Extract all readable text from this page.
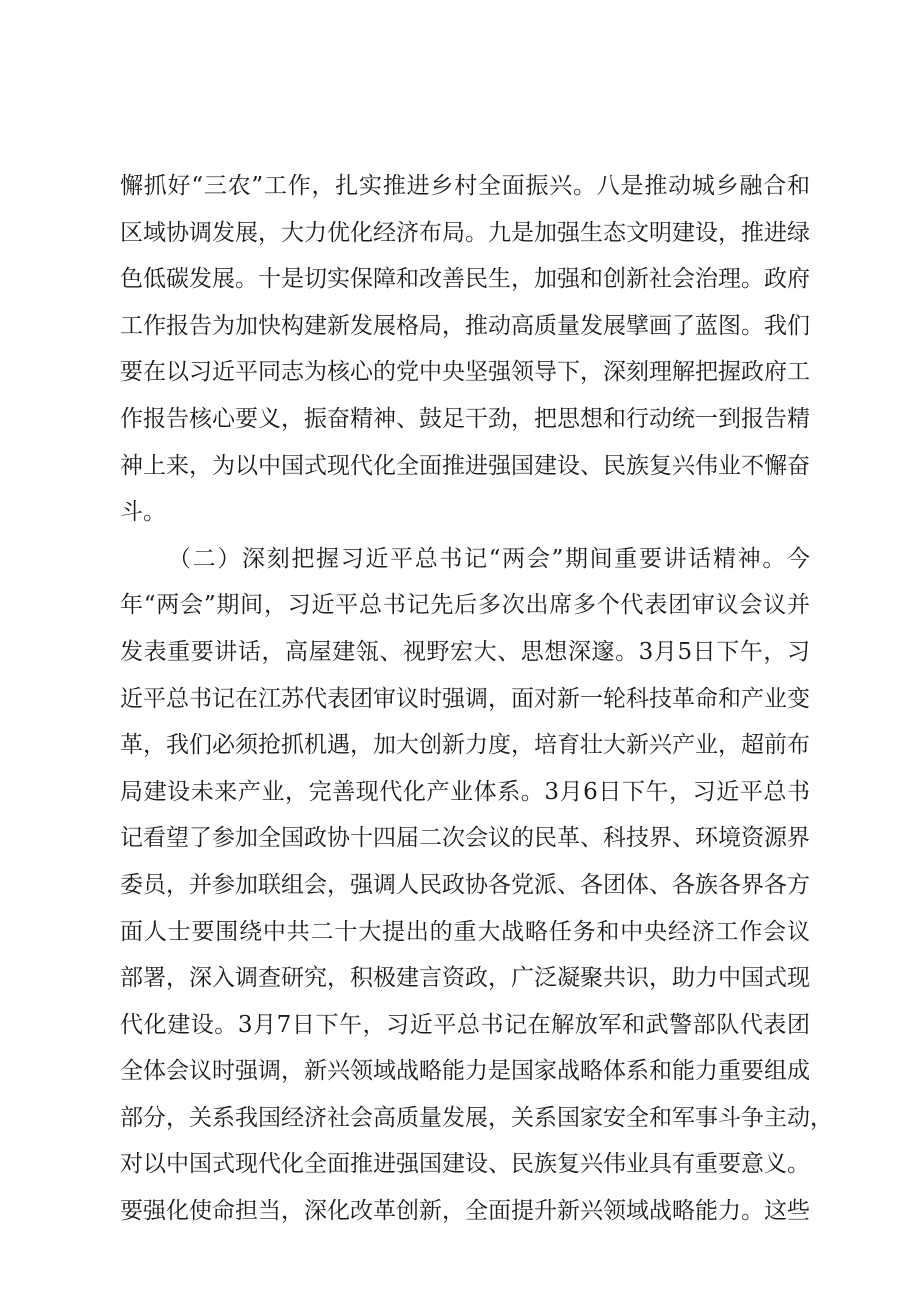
懈抓好“三农”工作，扎实推进乡村全面振兴。八是推动城乡融合和
区域协调发展，大力优化经济布局。九是加强生态文明建设，推进绿
色低碳发展。十是切实保障和改善民生，加强和创新社会治理。政府
工作报告为加快构建新发展格局，推动高质量发展擘画了蓝图。我们
要在以习近平同志为核心的党中央坚强领导下，深刻理解把握政府工
作报告核心要义，振奋精神、鼓足干劲，把思想和行动统一到报告精
神上来，为以中国式现代化全面推进强国建设、民族复兴伟业不懈奋
斗。
（二）深刻把握习近平总书记“两会”期间重要讲话精神。今
年“两会”期间，习近平总书记先后多次出席多个代表团审议会议并
发表重要讲话，高屋建瓴、视野宏大、思想深邃。3月5日下午，习
近平总书记在江苏代表团审议时强调，面对新一轮科技革命和产业变
革，我们必须抢抓机遇，加大创新力度，培育壮大新兴产业，超前布
局建设未来产业，完善现代化产业体系。3月6日下午，习近平总书
记看望了参加全国政协十四届二次会议的民革、科技界、环境资源界
委员，并参加联组会，强调人民政协各党派、各团体、各族各界各方
面人士要围绕中共二十大提出的重大战略任务和中央经济工作会议
部署，深入调查研究，积极建言资政，广泛凝聚共识，助力中国式现
代化建设。3月7日下午，习近平总书记在解放军和武警部队代表团
全体会议时强调，新兴领域战略能力是国家战略体系和能力重要组成
部分，关系我国经济社会高质量发展，关系国家安全和军事斗争主动，
对以中国式现代化全面推进强国建设、民族复兴伟业具有重要意义。
要强化使命担当，深化改革创新，全面提升新兴领域战略能力。这些
